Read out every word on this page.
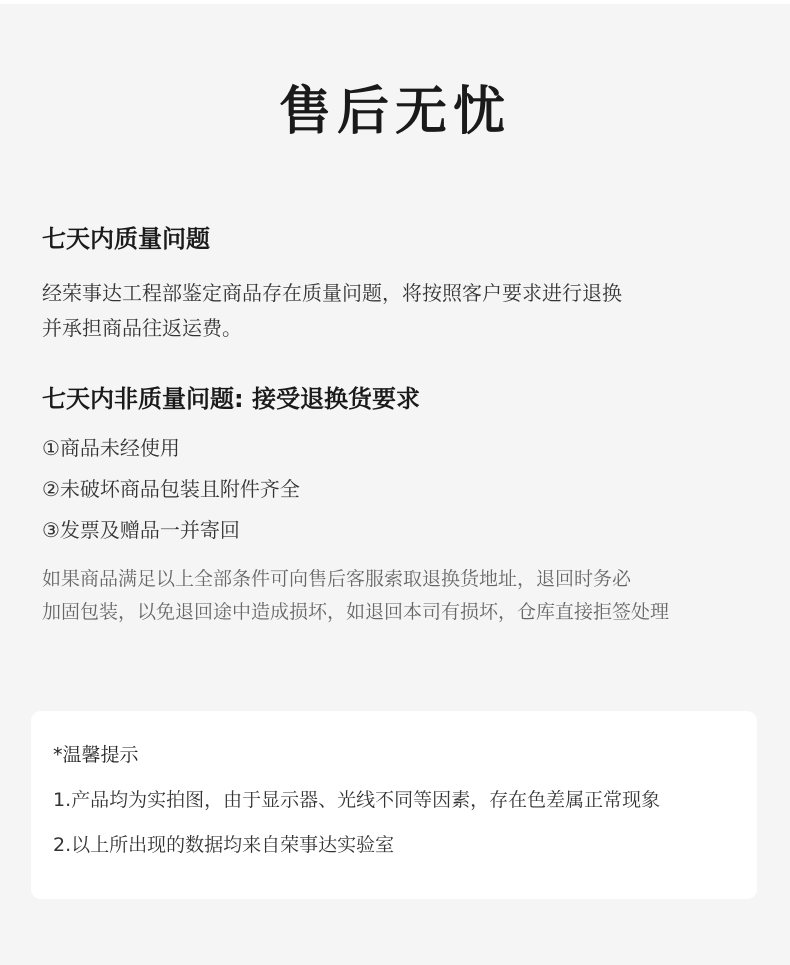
售后无忧
七天内质量问题
经荣事达工程部鉴定商品存在质量问题，将按照客户要求进行退换
并承担商品往返运费。
七天内非质量问题: 接受退换货要求
①商品未经使用
②未破坏商品包装且附件齐全
③发票及赠品一并寄回
如果商品满足以上全部条件可向售后客服索取退换货地址，退回时务必
加固包装，以免退回途中造成损坏，如退回本司有损坏，仓库直接拒签处理
*温馨提示
1.产品均为实拍图，由于显示器、光线不同等因素，存在色差属正常现象
2.以上所出现的数据均来自荣事达实验室
